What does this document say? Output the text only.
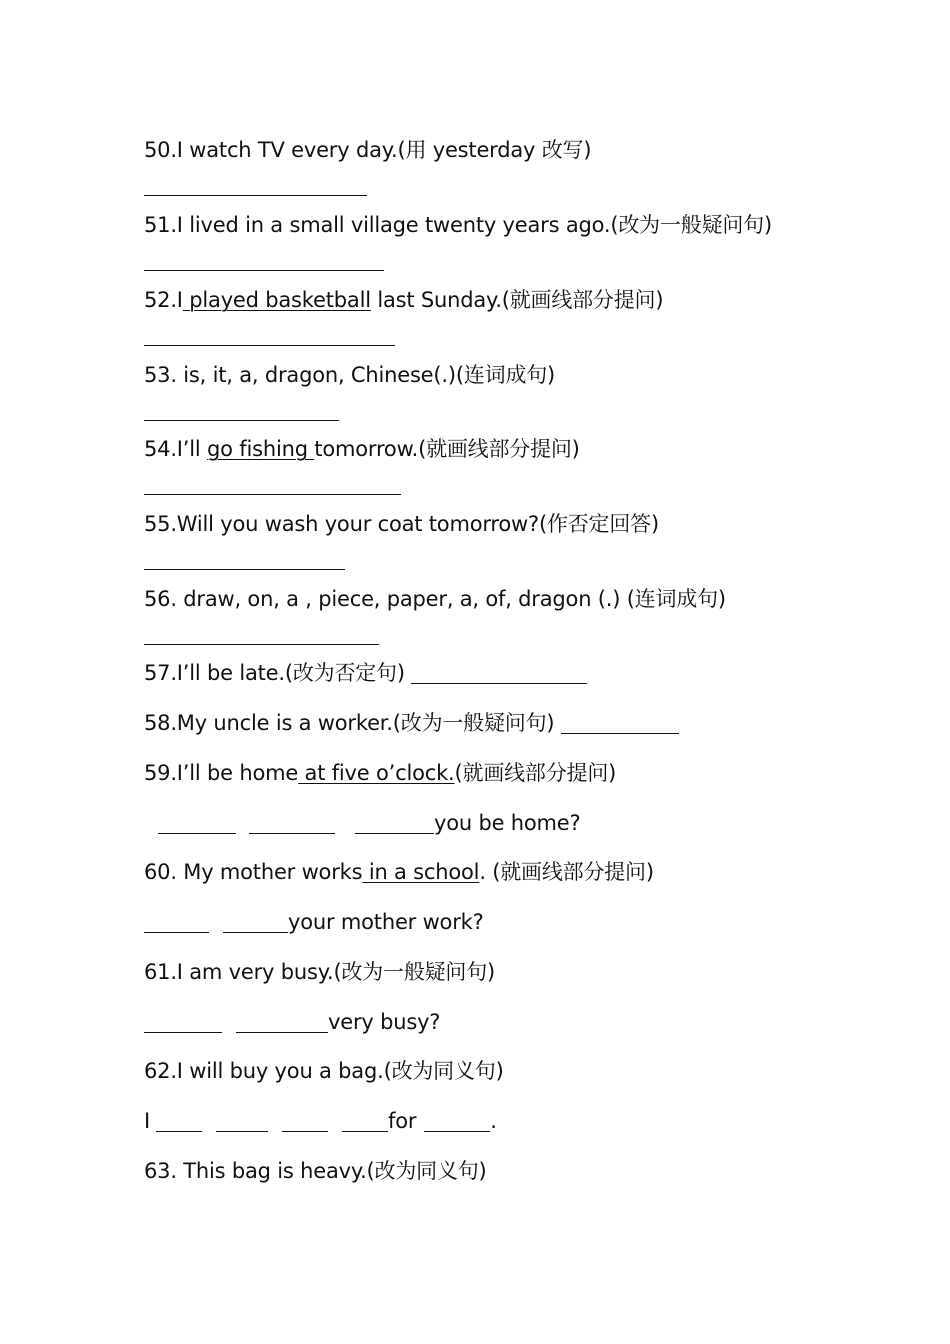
50.I watch TV every day.(用 yesterday 改写)
51.I lived in a small village twenty years ago.(改为一般疑问句)
52.I played basketball last Sunday.(就画线部分提问)
53. is, it, a, dragon, Chinese(.)(连词成句)
54.I’ll go fishing tomorrow.(就画线部分提问)
55.Will you wash your coat tomorrow?(作否定回答)
56. draw, on, a , piece, paper, a, of, dragon (.) (连词成句)
57.I’ll be late.(改为否定句)
58.My uncle is a worker.(改为一般疑问句)
59.I’ll be home at five o’clock.(就画线部分提问)
you be home?
60. My mother works in a school. (就画线部分提问)
your mother work?
61.I am very busy.(改为一般疑问句)
very busy?
62.I will buy you a bag.(改为同义句)
I	for	.
63. This bag is heavy.(改为同义句)
